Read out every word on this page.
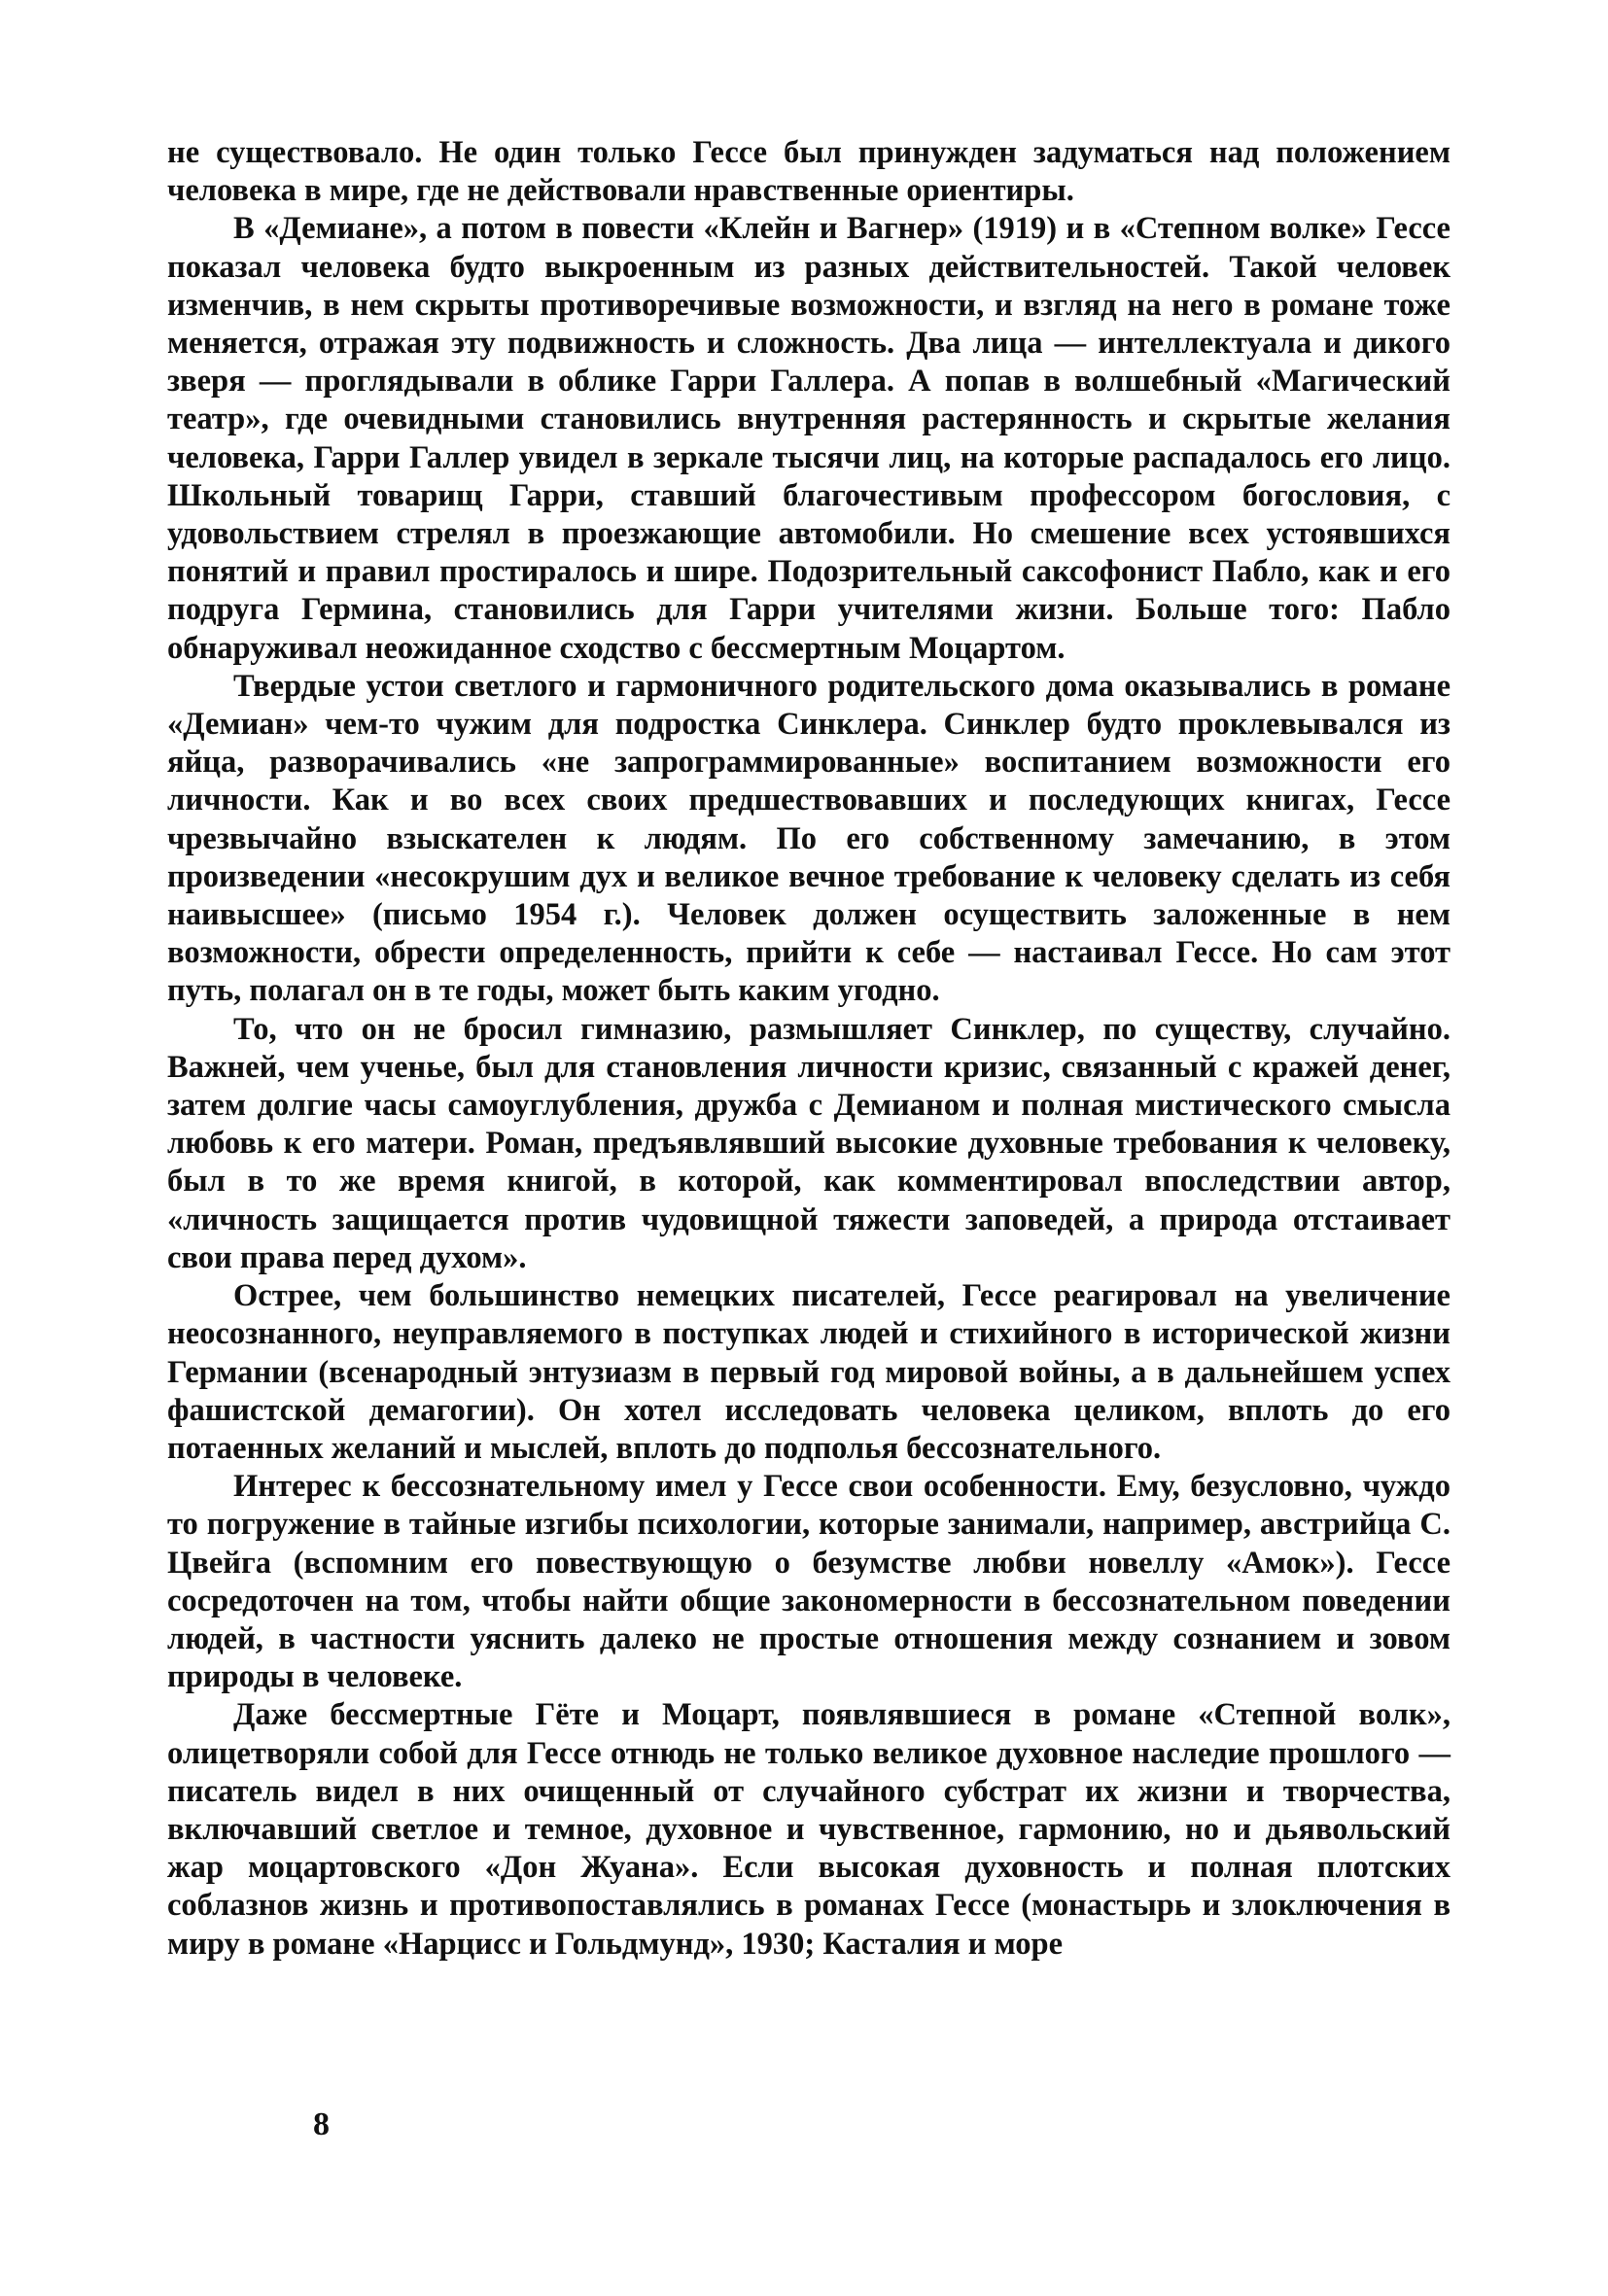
не существовало. Не один только Гессе был принужден задуматься над положением человека в мире, где не действовали нравственные ориентиры.

В «Демиане», а потом в повести «Клейн и Вагнер» (1919) и в «Степном волке» Гессе показал человека будто выкроенным из разных действительностей. Такой человек изменчив, в нем скрыты противоречивые возможности, и взгляд на него в романе тоже меняется, отражая эту подвижность и сложность. Два лица — интеллектуала и дикого зверя — проглядывали в облике Гарри Галлера. А попав в волшебный «Магический театр», где очевидными становились внутренняя растерянность и скрытые желания человека, Гарри Галлер увидел в зеркале тысячи лиц, на которые распадалось его лицо. Школьный товарищ Гарри, ставший благочестивым профессором богословия, с удовольствием стрелял в проезжающие автомобили. Но смешение всех устоявшихся понятий и правил простиралось и шире. Подозрительный саксофонист Пабло, как и его подруга Гермина, становились для Гарри учителями жизни. Больше того: Пабло обнаруживал неожиданное сходство с бессмертным Моцартом.

Твердые устои светлого и гармоничного родительского дома оказывались в романе «Демиан» чем-то чужим для подростка Синклера. Синклер будто проклевывался из яйца, разворачивались «не запрограммированные» воспитанием возможности его личности. Как и во всех своих предшествовавших и последующих книгах, Гессе чрезвычайно взыскателен к людям. По его собственному замечанию, в этом произведении «несокрушим дух и великое вечное требование к человеку сделать из себя наивысшее» (письмо 1954 г.). Человек должен осуществить заложенные в нем возможности, обрести определенность, прийти к себе — настаивал Гессе. Но сам этот путь, полагал он в те годы, может быть каким угодно.

То, что он не бросил гимназию, размышляет Синклер, по существу, случайно. Важней, чем ученье, был для становления личности кризис, связанный с кражей денег, затем долгие часы самоуглубления, дружба с Демианом и полная мистического смысла любовь к его матери. Роман, предъявлявший высокие духовные требования к человеку, был в то же время книгой, в которой, как комментировал впоследствии автор, «личность защищается против чудовищной тяжести заповедей, а природа отстаивает свои права перед духом».

Острее, чем большинство немецких писателей, Гессе реагировал на увеличение неосознанного, неуправляемого в поступках людей и стихийного в исторической жизни Германии (всенародный энтузиазм в первый год мировой войны, а в дальнейшем успех фашистской демагогии). Он хотел исследовать человека целиком, вплоть до его потаенных желаний и мыслей, вплоть до подполья бессознательного.

Интерес к бессознательному имел у Гессе свои особенности. Ему, безусловно, чуждо то погружение в тайные изгибы психологии, которые занимали, например, австрийца С. Цвейга (вспомним его повествующую о безумстве любви новеллу «Амок»). Гессе сосредоточен на том, чтобы найти общие закономерности в бессознательном поведении людей, в частности уяснить далеко не простые отношения между сознанием и зовом природы в человеке.

Даже бессмертные Гёте и Моцарт, появлявшиеся в романе «Степной волк», олицетворяли собой для Гессе отнюдь не только великое духовное наследие прошлого — писатель видел в них очищенный от случайного субстрат их жизни и творчества, включавший светлое и темное, духовное и чувственное, гармонию, но и дьявольский жар моцартовского «Дон Жуана». Если высокая духовность и полная плотских соблазнов жизнь и противопоставлялись в романах Гессе (монастырь и злоключения в миру в романе «Нарцисс и Гольдмунд», 1930; Касталия и море

8
